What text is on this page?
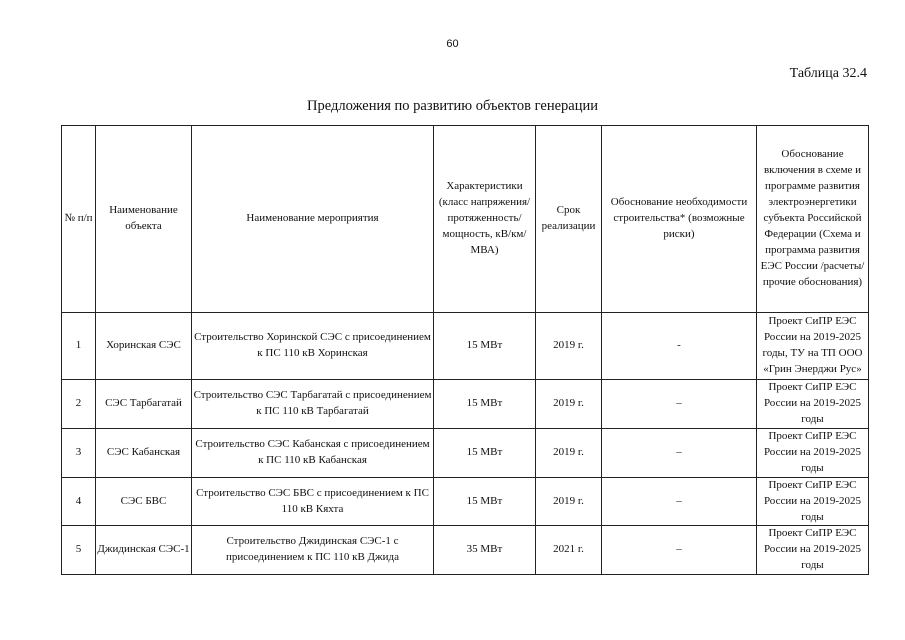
60
Таблица 32.4
Предложения по развитию объектов генерации
№ п/п	Наименование объекта	Наименование мероприятия	Характеристики (класс напряжения/ протяженность/ мощность, кВ/км/МВА)	Срок реализации	Обоснование необходимости строительства* (возможные риски)	Обоснование включения в схеме и программе развития электроэнергетики субъекта Российской Федерации (Схема и программа развития ЕЭС России /расчеты/прочие обоснования)
1	Хоринская СЭС	Строительство Хоринской СЭС с присоединением к ПС 110 кВ Хоринская	15 МВт	2019 г.	-	Проект СиПР ЕЭС России на 2019-2025 годы, ТУ на ТП ООО «Грин Энерджи Рус»
2	СЭС Тарбагатай	Строительство СЭС Тарбагатай с присоединением к ПС 110 кВ Тарбагатай	15 МВт	2019 г.	–	Проект СиПР ЕЭС России на 2019-2025 годы
3	СЭС Кабанская	Строительство СЭС Кабанская с присоединением к ПС 110 кВ Кабанская	15 МВт	2019 г.	–	Проект СиПР ЕЭС России на 2019-2025 годы
4	СЭС БВС	Строительство СЭС БВС с присоединением к ПС 110 кВ Кяхта	15 МВт	2019 г.	–	Проект СиПР ЕЭС России на 2019-2025 годы
5	Джидинская СЭС-1	Строительство Джидинская СЭС-1 с присоединением к ПС 110 кВ Джида	35 МВт	2021 г.	–	Проект СиПР ЕЭС России на 2019-2025 годы
